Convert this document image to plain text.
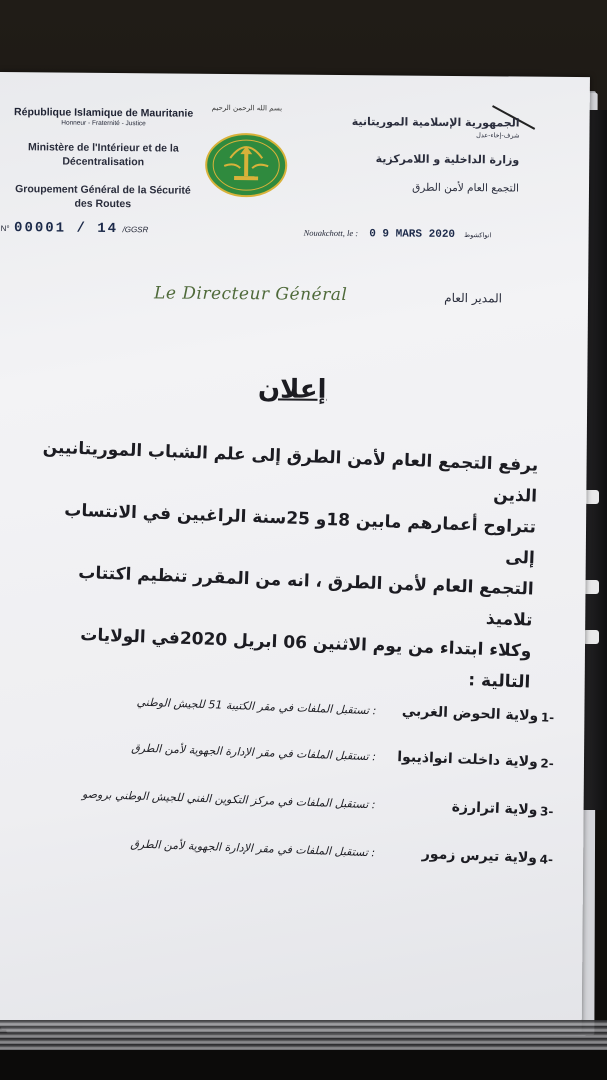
République Islamique de Mauritanie
Honneur - Fraternité - Justice
Ministère de l'Intérieur et de la
Décentralisation
Groupement Général de la Sécurité
des Routes
بسم الله الرحمن الرحيم
الجمهورية الإسلامية الموريتانية
شرف-إخاء-عدل
وزارة الداخلية و اللامركزية
التجمع العام لأمن الطرق
N° 00001 / 14 /GGSR	Nouakchott, le : 0 9 MARS 2020 انواكشوط
Le Directeur Général	المدير العام
إعلان
يرفع التجمع العام لأمن الطرق إلى علم الشباب الموريتانيين الذين
تتراوح أعمارهم مابين 18و 25سنة الراغبين في الانتساب إلى
التجمع العام لأمن الطرق ، انه من المقرر تنظيم اكتتاب تلاميذ
وكلاء ابتداء من يوم الاثنين 06 ابريل 2020في الولايات
التالية :
-1
ولاية الحوض الغربي
: تستقبل الملفات في مقر الكتيبة 51 للجيش الوطني
-2
ولاية داخلت انواذيبوا
: تستقبل الملفات في مقر الإدارة الجهوية لأمن الطرق
-3
ولاية اترارزة
: تستقبل الملفات في مركز التكوين الفني للجيش الوطني بروصو
-4
ولاية تيرس زمور
: تستقبل الملفات في مقر الإدارة الجهوية لأمن الطرق
